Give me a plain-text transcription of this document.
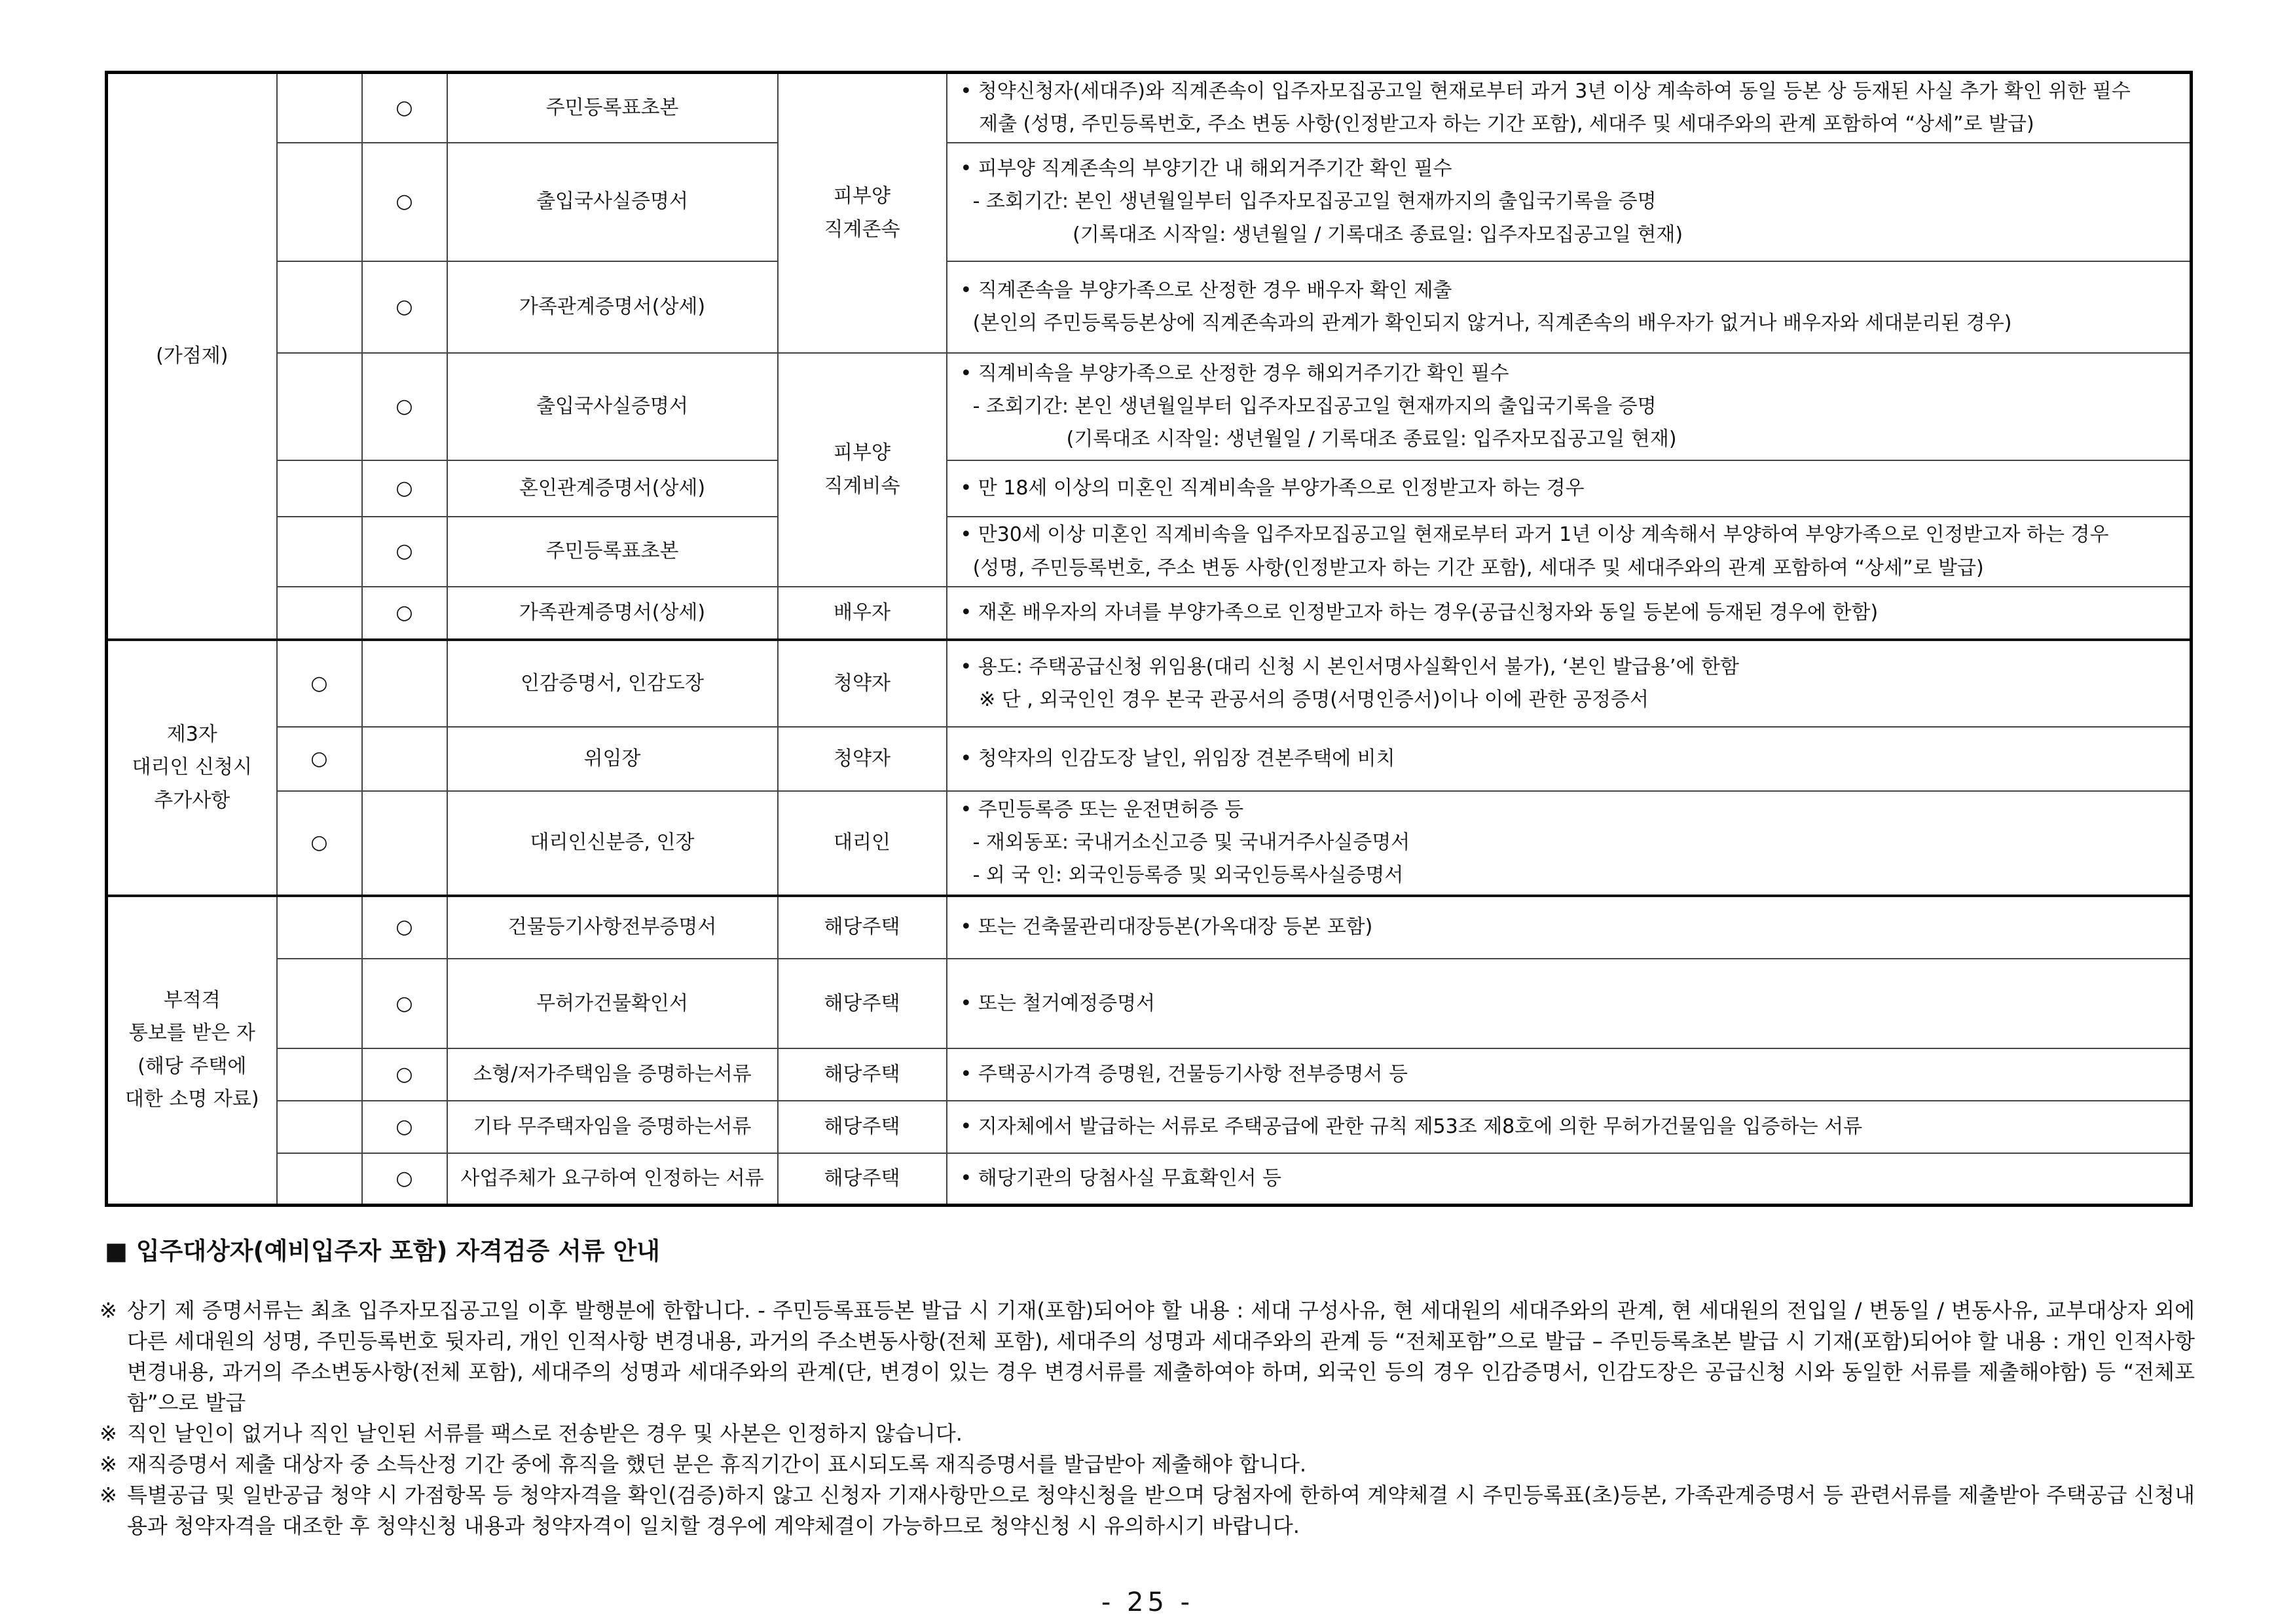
(가점제)		○	주민등록표초본	피부양
직계존속	• 청약신청자(세대주)와 직계존속이 입주자모집공고일 현재로부터 과거 3년 이상 계속하여 동일 등본 상 등재된 사실 추가 확인 위한 필수
제출 (성명, 주민등록번호, 주소 변동 사항(인정받고자 하는 기간 포함), 세대주 및 세대주와의 관계 포함하여 “상세”로 발급)
		○	출입국사실증명서		• 피부양 직계존속의 부양기간 내 해외거주기간 확인 필수
- 조회기간: 본인 생년월일부터 입주자모집공고일 현재까지의 출입국기록을 증명
(기록대조 시작일: 생년월일 / 기록대조 종료일: 입주자모집공고일 현재)
		○	가족관계증명서(상세)		• 직계존속을 부양가족으로 산정한 경우 배우자 확인 제출
(본인의 주민등록등본상에 직계존속과의 관계가 확인되지 않거나, 직계존속의 배우자가 없거나 배우자와 세대분리된 경우)
		○	출입국사실증명서	피부양
직계비속	• 직계비속을 부양가족으로 산정한 경우 해외거주기간 확인 필수
- 조회기간: 본인 생년월일부터 입주자모집공고일 현재까지의 출입국기록을 증명
(기록대조 시작일: 생년월일 / 기록대조 종료일: 입주자모집공고일 현재)
		○	혼인관계증명서(상세)		• 만 18세 이상의 미혼인 직계비속을 부양가족으로 인정받고자 하는 경우
		○	주민등록표초본		• 만30세 이상 미혼인 직계비속을 입주자모집공고일 현재로부터 과거 1년 이상 계속해서 부양하여 부양가족으로 인정받고자 하는 경우
(성명, 주민등록번호, 주소 변동 사항(인정받고자 하는 기간 포함), 세대주 및 세대주와의 관계 포함하여 “상세”로 발급)
		○	가족관계증명서(상세)	배우자	• 재혼 배우자의 자녀를 부양가족으로 인정받고자 하는 경우(공급신청자와 동일 등본에 등재된 경우에 한함)
제3자
대리인 신청시
추가사항	○		인감증명서, 인감도장	청약자	• 용도: 주택공급신청 위임용(대리 신청 시 본인서명사실확인서 불가), ‘본인 발급용’에 한함
※ 단 , 외국인인 경우 본국 관공서의 증명(서명인증서)이나 이에 관한 공정증서
	○		위임장	청약자	• 청약자의 인감도장 날인, 위임장 견본주택에 비치
	○		대리인신분증, 인장	대리인	• 주민등록증 또는 운전면허증 등
- 재외동포: 국내거소신고증 및 국내거주사실증명서
- 외 국 인: 외국인등록증 및 외국인등록사실증명서
부적격
통보를 받은 자
(해당 주택에
대한 소명 자료)		○	건물등기사항전부증명서	해당주택	• 또는 건축물관리대장등본(가옥대장 등본 포함)
		○	무허가건물확인서	해당주택	• 또는 철거예정증명서
		○	소형/저가주택임을 증명하는서류	해당주택	• 주택공시가격 증명원, 건물등기사항 전부증명서 등
		○	기타 무주택자임을 증명하는서류	해당주택	• 지자체에서 발급하는 서류로 주택공급에 관한 규칙 제53조 제8호에 의한 무허가건물임을 입증하는 서류
		○	사업주체가 요구하여 인정하는 서류	해당주택	• 해당기관의 당첨사실 무효확인서 등
■ 입주대상자(예비입주자 포함) 자격검증 서류 안내

※ 상기 제 증명서류는 최초 입주자모집공고일 이후 발행분에 한합니다. - 주민등록표등본 발급 시 기재(포함)되어야 할 내용 : 세대 구성사유, 현 세대원의 세대주와의 관계, 현 세대원의 전입일 / 변동일 / 변동사유, 교부대상자 외에 다른 세대원의 성명, 주민등록번호 뒷자리, 개인 인적사항 변경내용, 과거의 주소변동사항(전체 포함), 세대주의 성명과 세대주와의 관계 등 “전체포함”으로 발급 – 주민등록초본 발급 시 기재(포함)되어야 할 내용 : 개인 인적사항 변경내용, 과거의 주소변동사항(전체 포함), 세대주의 성명과 세대주와의 관계(단, 변경이 있는 경우 변경서류를 제출하여야 하며, 외국인 등의 경우 인감증명서, 인감도장은 공급신청 시와 동일한 서류를 제출해야함) 등 “전체포함”으로 발급

※ 직인 날인이 없거나 직인 날인된 서류를 팩스로 전송받은 경우 및 사본은 인정하지 않습니다.

※ 재직증명서 제출 대상자 중 소득산정 기간 중에 휴직을 했던 분은 휴직기간이 표시되도록 재직증명서를 발급받아 제출해야 합니다.

※ 특별공급 및 일반공급 청약 시 가점항목 등 청약자격을 확인(검증)하지 않고 신청자 기재사항만으로 청약신청을 받으며 당첨자에 한하여 계약체결 시 주민등록표(초)등본, 가족관계증명서 등 관련서류를 제출받아 주택공급 신청내용과 청약자격을 대조한 후 청약신청 내용과 청약자격이 일치할 경우에 계약체결이 가능하므로 청약신청 시 유의하시기 바랍니다.

- 25 -
